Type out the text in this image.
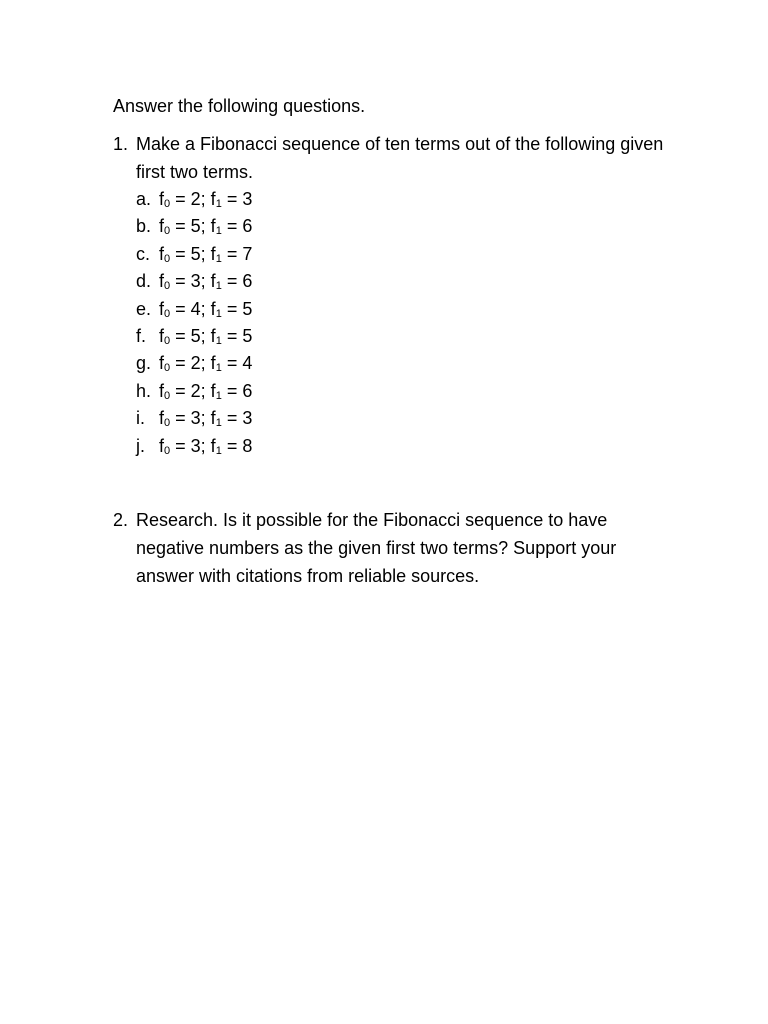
Answer the following questions.
1. Make a Fibonacci sequence of ten terms out of the following given first two terms.
a. $f_0 = 2$; $f_1 = 3$
b. $f_0 = 5$; $f_1 = 6$
c. $f_0 = 5$; $f_1 = 7$
d. $f_0 = 3$; $f_1 = 6$
e. $f_0 = 4$; $f_1 = 5$
f. $f_0 = 5$; $f_1 = 5$
g. $f_0 = 2$; $f_1 = 4$
h. $f_0 = 2$; $f_1 = 6$
i. $f_0 = 3$; $f_1 = 3$
j. $f_0 = 3$; $f_1 = 8$
2. Research. Is it possible for the Fibonacci sequence to have negative numbers as the given first two terms? Support your answer with citations from reliable sources.
